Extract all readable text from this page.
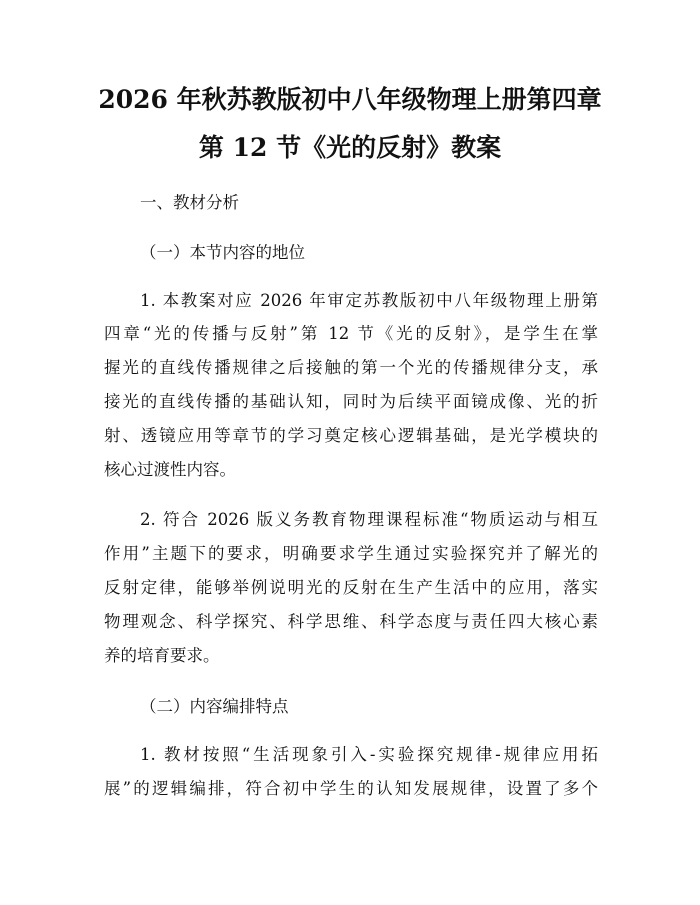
2026 年秋苏教版初中八年级物理上册第四章
第 12 节《光的反射》教案
一、教材分析
（一）本节内容的地位
1. 本教案对应 2026 年审定苏教版初中八年级物理上册第
四章“光的传播与反射”第 12 节《光的反射》，是学生在掌
握光的直线传播规律之后接触的第一个光的传播规律分支，承
接光的直线传播的基础认知，同时为后续平面镜成像、光的折
射、透镜应用等章节的学习奠定核心逻辑基础，是光学模块的
核心过渡性内容。
2. 符合 2026 版义务教育物理课程标准“物质运动与相互
作用”主题下的要求，明确要求学生通过实验探究并了解光的
反射定律，能够举例说明光的反射在生产生活中的应用，落实
物理观念、科学探究、科学思维、科学态度与责任四大核心素
养的培育要求。
（二）内容编排特点
1. 教材按照“生活现象引入-实验探究规律-规律应用拓
展”的逻辑编排，符合初中学生的认知发展规律，设置了多个
